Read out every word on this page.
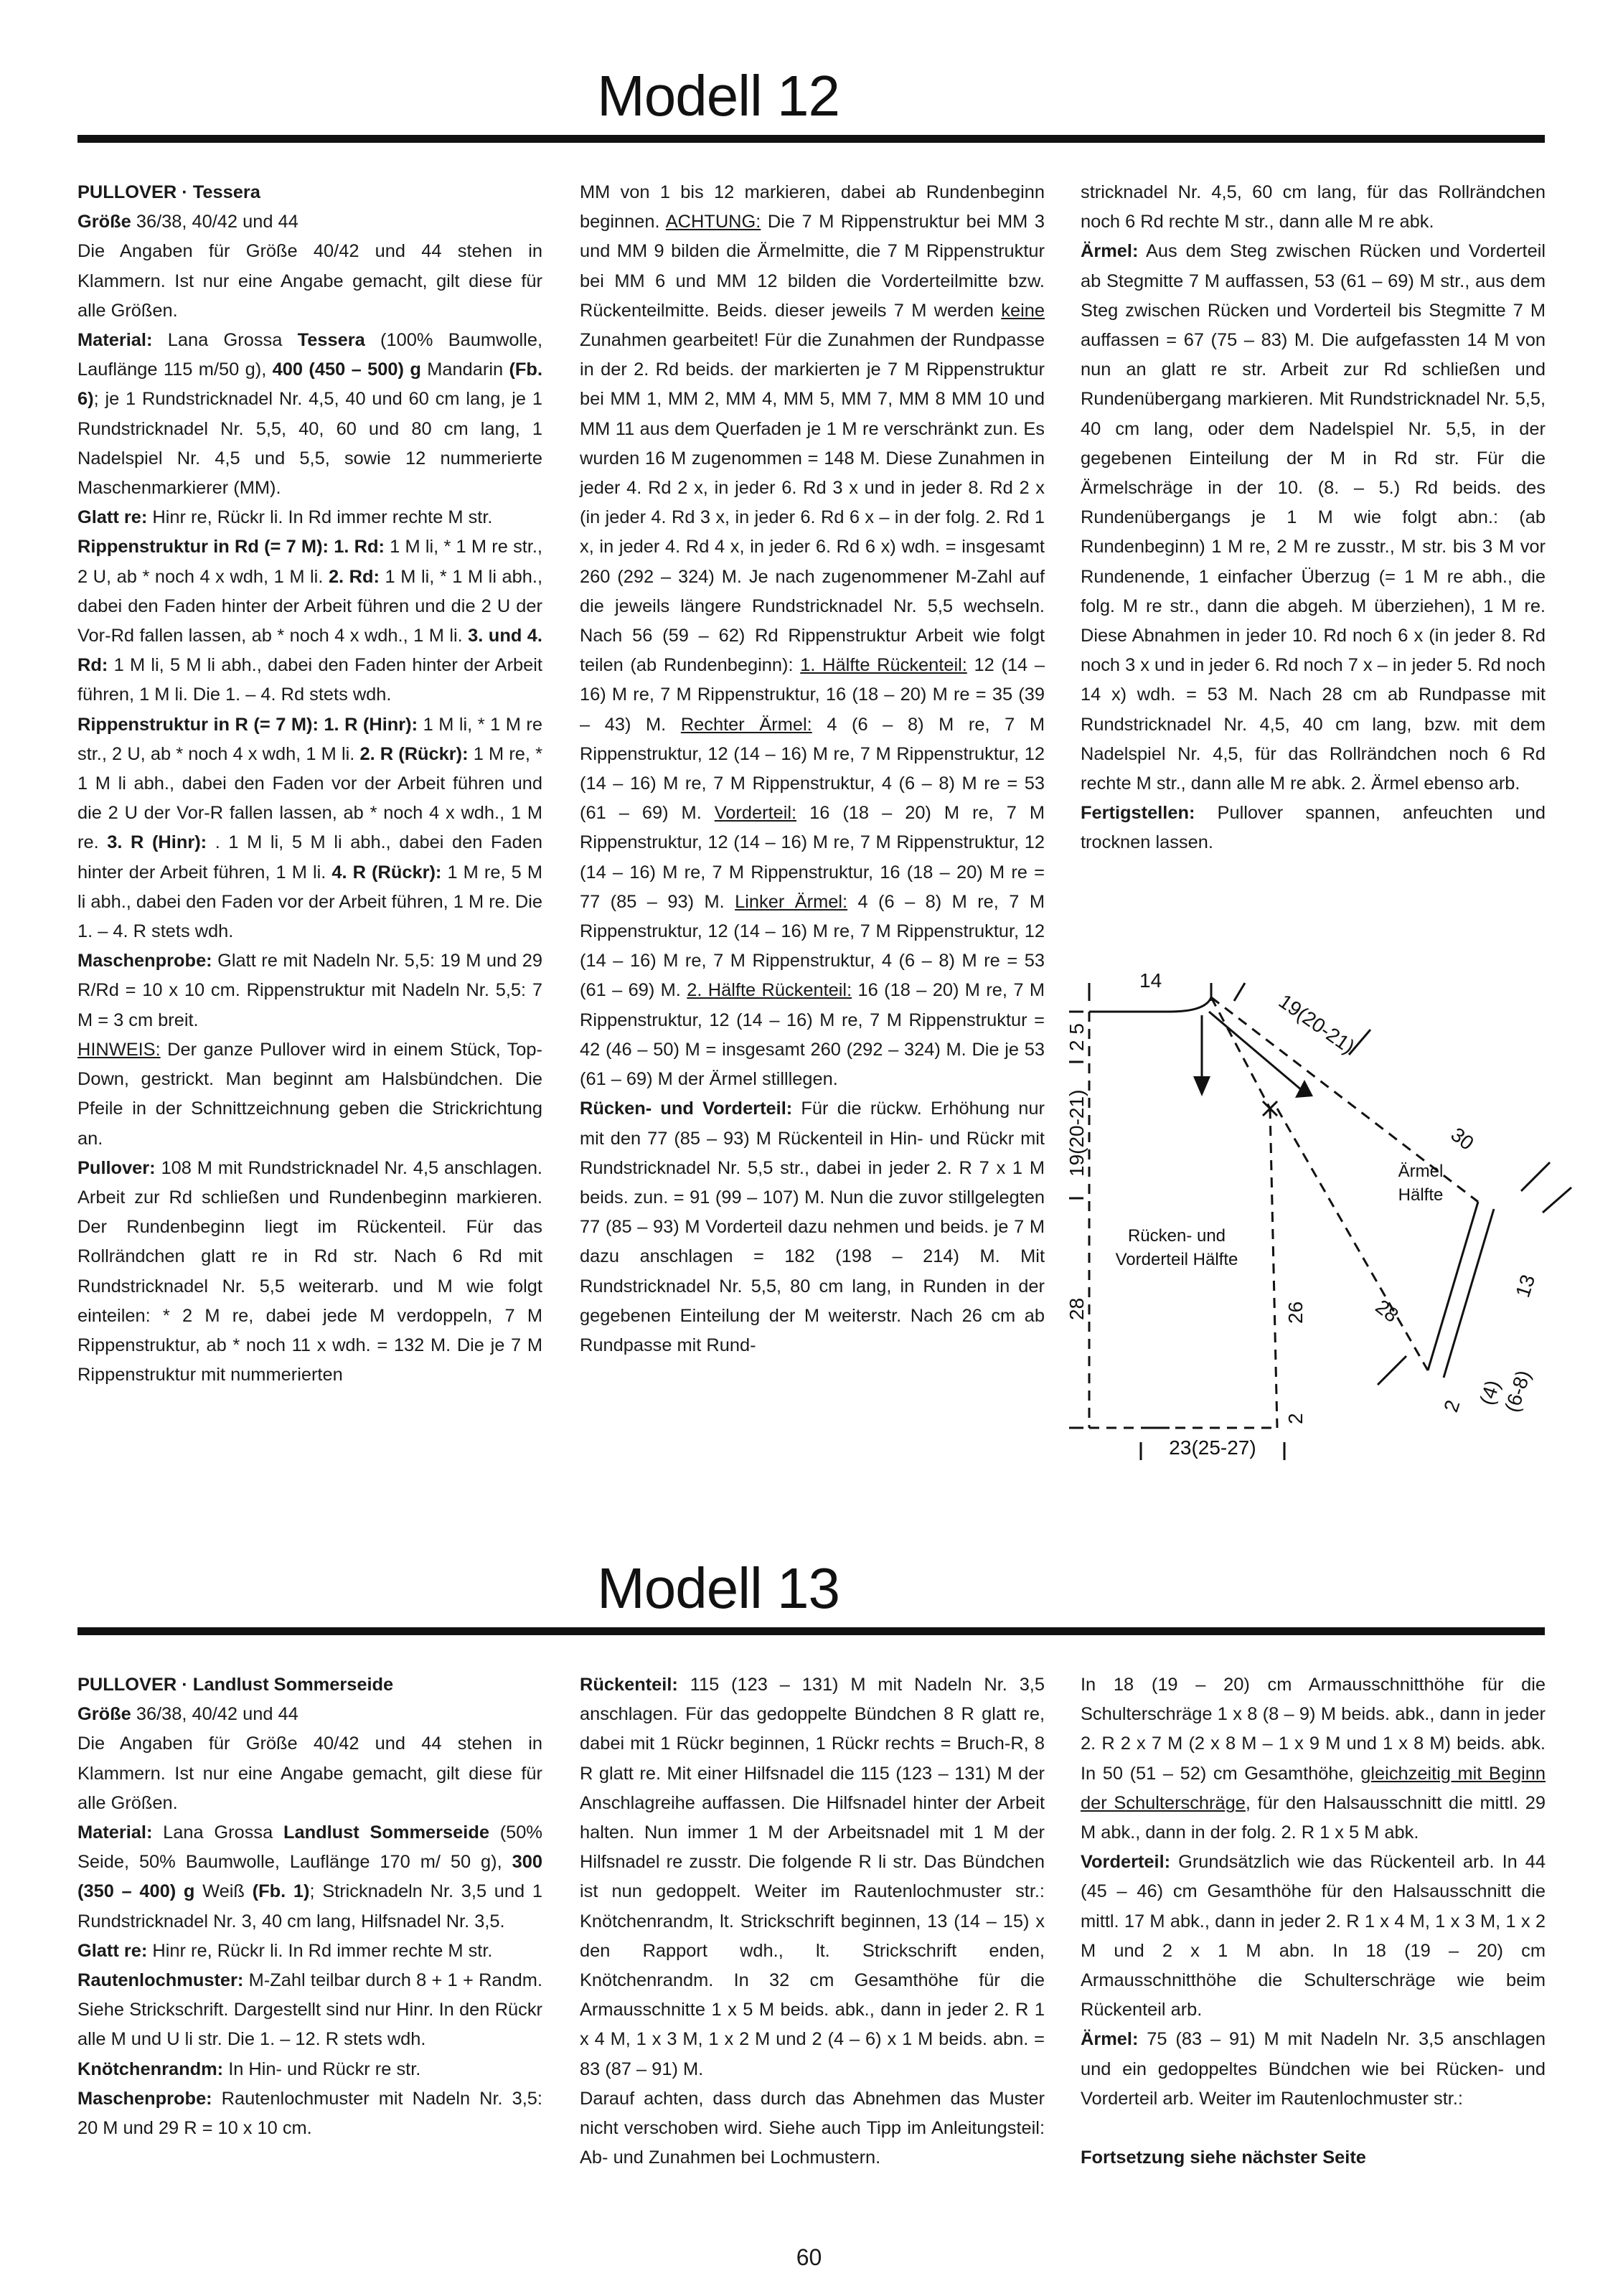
Modell 12

PULLOVER · Tessera

Größe 36/38, 40/42 und 44

Die Angaben für Größe 40/42 und 44 stehen in Klammern. Ist nur eine Angabe gemacht, gilt diese für alle Größen.

Material: Lana Grossa Tessera (100% Baumwolle, Lauflänge 115 m/50 g), 400 (450 – 500) g Mandarin (Fb. 6); je 1 Rundstricknadel Nr. 4,5, 40 und 60 cm lang, je 1 Rundstricknadel Nr. 5,5, 40, 60 und 80 cm lang, 1 Nadelspiel Nr. 4,5 und 5,5, sowie 12 nummerierte Maschenmarkierer (MM).

Glatt re: Hinr re, Rückr li. In Rd immer rechte M str.

Rippenstruktur in Rd (= 7 M): 1. Rd: 1 M li, * 1 M re str., 2 U, ab * noch 4 x wdh, 1 M li. 2. Rd: 1 M li, * 1 M li abh., dabei den Faden hinter der Arbeit führen und die 2 U der Vor-Rd fallen lassen, ab * noch 4 x wdh., 1 M li. 3. und 4. Rd: 1 M li, 5 M li abh., dabei den Faden hinter der Arbeit führen, 1 M li. Die 1. – 4. Rd stets wdh.

Rippenstruktur in R (= 7 M): 1. R (Hinr): 1 M li, * 1 M re str., 2 U, ab * noch 4 x wdh, 1 M li. 2. R (Rückr): 1 M re, * 1 M li abh., dabei den Faden vor der Arbeit führen und die 2 U der Vor-R fallen lassen, ab * noch 4 x wdh., 1 M re. 3. R (Hinr): . 1 M li, 5 M li abh., dabei den Faden hinter der Arbeit führen, 1 M li. 4. R (Rückr): 1 M re, 5 M li abh., dabei den Faden vor der Arbeit führen, 1 M re. Die 1. – 4. R stets wdh.

Maschenprobe: Glatt re mit Nadeln Nr. 5,5: 19 M und 29 R/Rd = 10 x 10 cm. Rippenstruktur mit Nadeln Nr. 5,5: 7 M = 3 cm breit.

HINWEIS: Der ganze Pullover wird in einem Stück, Top-Down, gestrickt. Man beginnt am Halsbündchen. Die Pfeile in der Schnittzeichnung geben die Strickrichtung an.

Pullover: 108 M mit Rundstricknadel Nr. 4,5 anschlagen. Arbeit zur Rd schließen und Rundenbeginn markieren. Der Rundenbeginn liegt im Rückenteil. Für das Rollrändchen glatt re in Rd str. Nach 6 Rd mit Rundstricknadel Nr. 5,5 weiterarb. und M wie folgt einteilen: * 2 M re, dabei jede M verdoppeln, 7 M Rippenstruktur, ab * noch 11 x wdh. = 132 M. Die je 7 M Rippenstruktur mit nummerierten

MM von 1 bis 12 markieren, dabei ab Rundenbeginn beginnen. ACHTUNG: Die 7 M Rippenstruktur bei MM 3 und MM 9 bilden die Ärmelmitte, die 7 M Rippenstruktur bei MM 6 und MM 12 bilden die Vorderteilmitte bzw. Rückenteilmitte. Beids. dieser jeweils 7 M werden keine Zunahmen gearbeitet! Für die Zunahmen der Rundpasse in der 2. Rd beids. der markierten je 7 M Rippenstruktur bei MM 1, MM 2, MM 4, MM 5, MM 7, MM 8 MM 10 und MM 11 aus dem Querfaden je 1 M re verschränkt zun. Es wurden 16 M zugenommen = 148 M. Diese Zunahmen in jeder 4. Rd 2 x, in jeder 6. Rd 3 x und in jeder 8. Rd 2 x (in jeder 4. Rd 3 x, in jeder 6. Rd 6 x – in der folg. 2. Rd 1 x, in jeder 4. Rd 4 x, in jeder 6. Rd 6 x) wdh. = insgesamt 260 (292 – 324) M. Je nach zugenommener M-Zahl auf die jeweils längere Rundstricknadel Nr. 5,5 wechseln. Nach 56 (59 – 62) Rd Rippenstruktur Arbeit wie folgt teilen (ab Rundenbeginn): 1. Hälfte Rückenteil: 12 (14 – 16) M re, 7 M Rippenstruktur, 16 (18 – 20) M re = 35 (39 – 43) M. Rechter Ärmel: 4 (6 – 8) M re, 7 M Rippenstruktur, 12 (14 – 16) M re, 7 M Rippenstruktur, 12 (14 – 16) M re, 7 M Rippenstruktur, 4 (6 – 8) M re = 53 (61 – 69) M. Vorderteil: 16 (18 – 20) M re, 7 M Rippenstruktur, 12 (14 – 16) M re, 7 M Rippenstruktur, 12 (14 – 16) M re, 7 M Rippenstruktur, 16 (18 – 20) M re = 77 (85 – 93) M. Linker Ärmel: 4 (6 – 8) M re, 7 M Rippenstruktur, 12 (14 – 16) M re, 7 M Rippenstruktur, 12 (14 – 16) M re, 7 M Rippenstruktur, 4 (6 – 8) M re = 53 (61 – 69) M. 2. Hälfte Rückenteil: 16 (18 – 20) M re, 7 M Rippenstruktur, 12 (14 – 16) M re, 7 M Rippenstruktur = 42 (46 – 50) M = insgesamt 260 (292 – 324) M. Die je 53 (61 – 69) M der Ärmel stilllegen.

Rücken- und Vorderteil: Für die rückw. Erhöhung nur mit den 77 (85 – 93) M Rückenteil in Hin- und Rückr mit Rundstricknadel Nr. 5,5 str., dabei in jeder 2. R 7 x 1 M beids. zun. = 91 (99 – 107) M. Nun die zuvor stillgelegten 77 (85 – 93) M Vorderteil dazu nehmen und beids. je 7 M dazu anschlagen = 182 (198 – 214) M. Mit Rundstricknadel Nr. 5,5, 80 cm lang, in Runden in der gegebenen Einteilung der M weiterstr. Nach 26 cm ab Rundpasse mit Rund-

stricknadel Nr. 4,5, 60 cm lang, für das Rollrändchen noch 6 Rd rechte M str., dann alle M re abk.

Ärmel: Aus dem Steg zwischen Rücken und Vorderteil ab Stegmitte 7 M auffassen, 53 (61 – 69) M str., aus dem Steg zwischen Rücken und Vorderteil bis Stegmitte 7 M auffassen = 67 (75 – 83) M. Die aufgefassten 14 M von nun an glatt re str. Arbeit zur Rd schließen und Rundenübergang markieren. Mit Rundstricknadel Nr. 5,5, 40 cm lang, oder dem Nadelspiel Nr. 5,5, in der gegebenen Einteilung der M in Rd str. Für die Ärmelschräge in der 10. (8. – 5.) Rd beids. des Rundenübergangs je 1 M wie folgt abn.: (ab Rundenbeginn) 1 M re, 2 M re zusstr., M str. bis 3 M vor Rundenende, 1 einfacher Überzug (= 1 M re abh., die folg. M re str., dann die abgeh. M überziehen), 1 M re. Diese Abnahmen in jeder 10. Rd noch 6 x (in jeder 8. Rd noch 3 x und in jeder 6. Rd noch 7 x – in jeder 5. Rd noch 14 x) wdh. = 53 M. Nach 28 cm ab Rundpasse mit Rundstricknadel Nr. 4,5, 40 cm lang, bzw. mit dem Nadelspiel Nr. 4,5, für das Rollrändchen noch 6 Rd rechte M str., dann alle M re abk. 2. Ärmel ebenso arb.

Fertigstellen: Pullover spannen, anfeuchten und trocknen lassen.

14
2 5
19(20-21)
28
Rücken- und
Vorderteil Hälfte
26
2
23(25-27)
19(20-21)
Ärmel
Hälfte
30
28
13
2 (4)
(6-8)
Modell 13

PULLOVER · Landlust Sommerseide

Größe 36/38, 40/42 und 44

Die Angaben für Größe 40/42 und 44 stehen in Klammern. Ist nur eine Angabe gemacht, gilt diese für alle Größen.

Material: Lana Grossa Landlust Sommerseide (50% Seide, 50% Baumwolle, Lauflänge 170 m/ 50 g), 300 (350 – 400) g Weiß (Fb. 1); Stricknadeln Nr. 3,5 und 1 Rundstricknadel Nr. 3, 40 cm lang, Hilfsnadel Nr. 3,5.

Glatt re: Hinr re, Rückr li. In Rd immer rechte M str.

Rautenlochmuster: M-Zahl teilbar durch 8 + 1 + Randm. Siehe Strickschrift. Dargestellt sind nur Hinr. In den Rückr alle M und U li str. Die 1. – 12. R stets wdh.

Knötchenrandm: In Hin- und Rückr re str.

Maschenprobe: Rautenlochmuster mit Nadeln Nr. 3,5: 20 M und 29 R = 10 x 10 cm.

Rückenteil: 115 (123 – 131) M mit Nadeln Nr. 3,5 anschlagen. Für das gedoppelte Bündchen 8 R glatt re, dabei mit 1 Rückr beginnen, 1 Rückr rechts = Bruch-R, 8 R glatt re. Mit einer Hilfsnadel die 115 (123 – 131) M der Anschlagreihe auffassen. Die Hilfsnadel hinter der Arbeit halten. Nun immer 1 M der Arbeitsnadel mit 1 M der Hilfsnadel re zusstr. Die folgende R li str. Das Bündchen ist nun gedoppelt. Weiter im Rautenlochmuster str.: Knötchenrandm, lt. Strickschrift beginnen, 13 (14 – 15) x den Rapport wdh., lt. Strickschrift enden, Knötchenrandm. In 32 cm Gesamthöhe für die Armausschnitte 1 x 5 M beids. abk., dann in jeder 2. R 1 x 4 M, 1 x 3 M, 1 x 2 M und 2 (4 – 6) x 1 M beids. abn. = 83 (87 – 91) M.

Darauf achten, dass durch das Abnehmen das Muster nicht verschoben wird. Siehe auch Tipp im Anleitungsteil: Ab- und Zunahmen bei Lochmustern.

In 18 (19 – 20) cm Armausschnitthöhe für die Schulterschräge 1 x 8 (8 – 9) M beids. abk., dann in jeder 2. R 2 x 7 M (2 x 8 M – 1 x 9 M und 1 x 8 M) beids. abk. In 50 (51 – 52) cm Gesamthöhe, gleichzeitig mit Beginn der Schulterschräge, für den Halsausschnitt die mittl. 29 M abk., dann in der folg. 2. R 1 x 5 M abk.

Vorderteil: Grundsätzlich wie das Rückenteil arb. In 44 (45 – 46) cm Gesamthöhe für den Halsausschnitt die mittl. 17 M abk., dann in jeder 2. R 1 x 4 M, 1 x 3 M, 1 x 2 M und 2 x 1 M abn. In 18 (19 – 20) cm Armausschnitthöhe die Schulterschräge wie beim Rückenteil arb.

Ärmel: 75 (83 – 91) M mit Nadeln Nr. 3,5 anschlagen und ein gedoppeltes Bündchen wie bei Rücken- und Vorderteil arb. Weiter im Rautenlochmuster str.:

Fortsetzung siehe nächster Seite

60
